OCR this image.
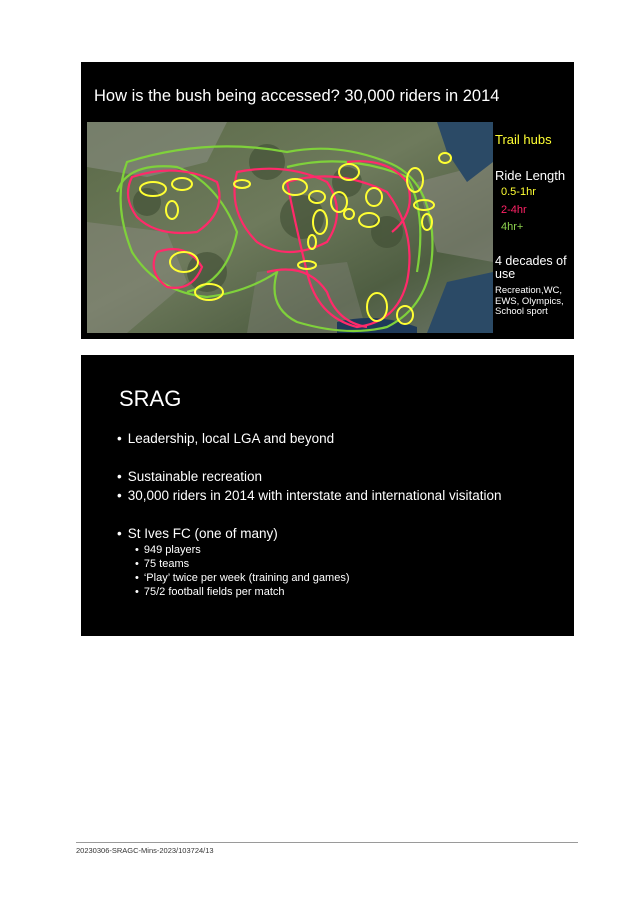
How is the bush being accessed? 30,000 riders in 2014
Trail hubs
Ride Length
0.5-1hr
2-4hr
4hr+
4 decades of use
Recreation,WC, EWS, Olympics, School sport
SRAG
• Leadership, local LGA and beyond
• Sustainable recreation
• 30,000 riders in 2014 with interstate and international visitation
• St Ives FC (one of many)
• 949 players
• 75 teams
• ‘Play’ twice per week (training and games)
• 75/2 football fields per match
20230306-SRAGC-Mins-2023/103724/13
